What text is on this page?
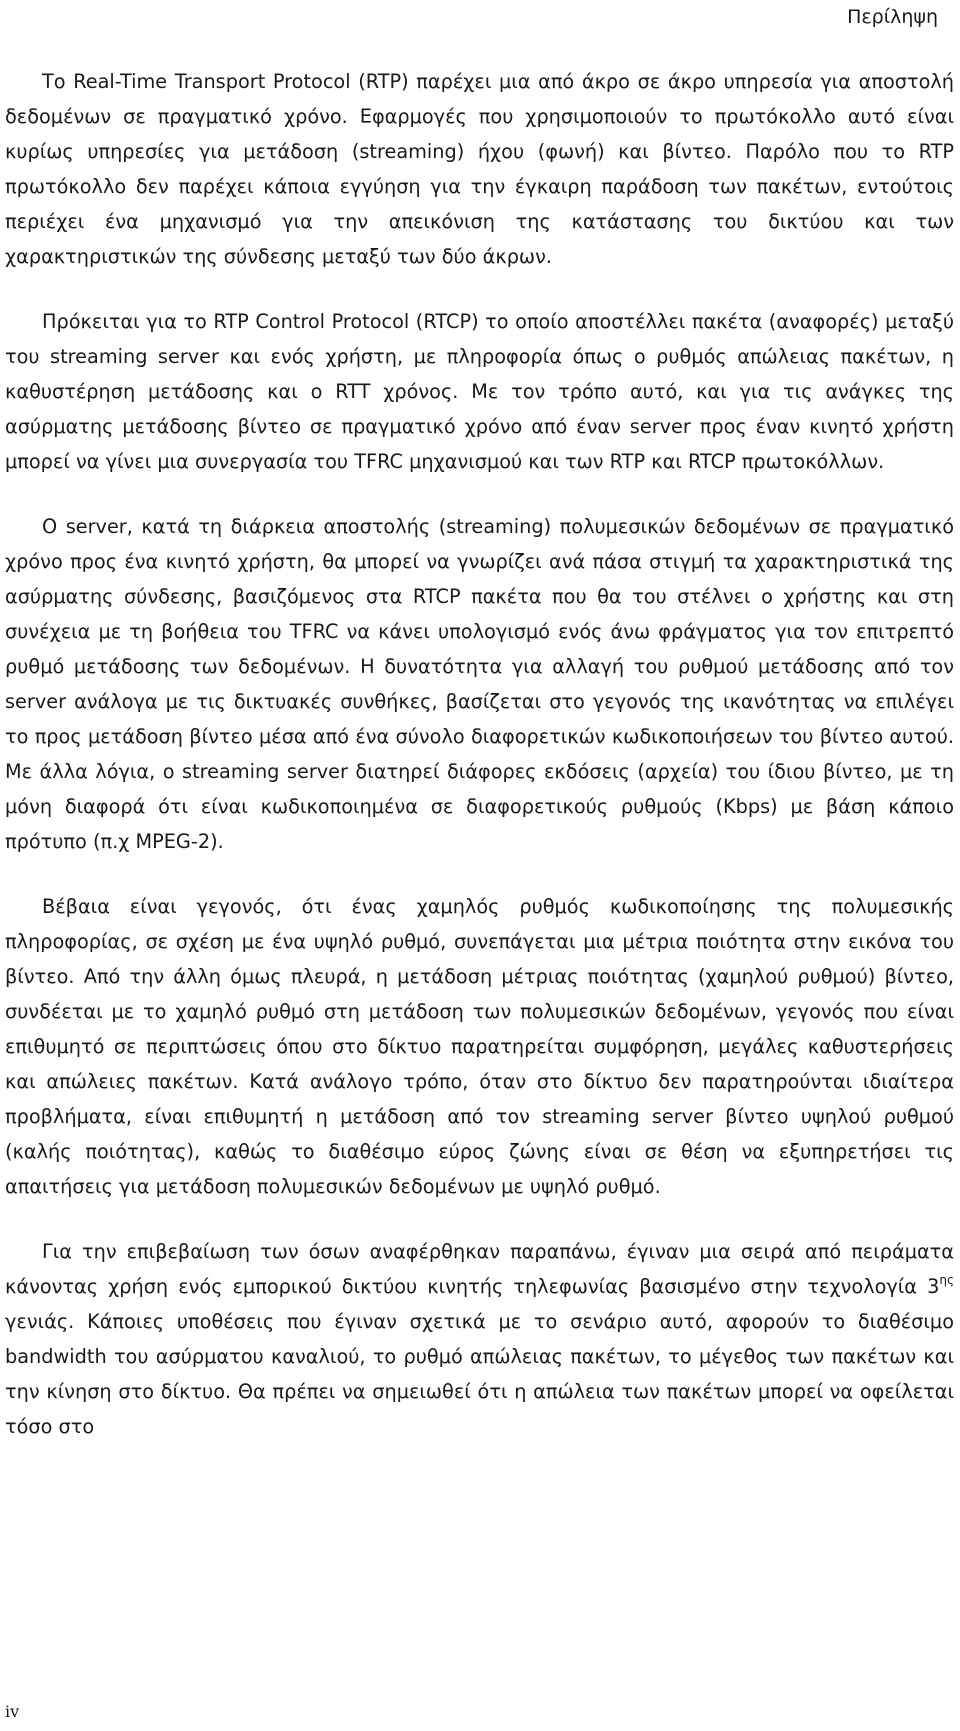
Περίληψη

Το Real-Time Transport Protocol (RTP) παρέχει μια από άκρο σε άκρο υπηρεσία για αποστολή δεδομένων σε πραγματικό χρόνο. Εφαρμογές που χρησιμοποιούν το πρωτόκολλο αυτό είναι κυρίως υπηρεσίες για μετάδοση (streaming) ήχου (φωνή) και βίντεο. Παρόλο που το RTP πρωτόκολλο δεν παρέχει κάποια εγγύηση για την έγκαιρη παράδοση των πακέτων, εντούτοις περιέχει ένα μηχανισμό για την απεικόνιση της κατάστασης του δικτύου και των χαρακτηριστικών της σύνδεσης μεταξύ των δύο άκρων.

Πρόκειται για το RTP Control Protocol (RTCP) το οποίο αποστέλλει πακέτα (αναφορές) μεταξύ του streaming server και ενός χρήστη, με πληροφορία όπως ο ρυθμός απώλειας πακέτων, η καθυστέρηση μετάδοσης και ο RTT χρόνος. Με τον τρόπο αυτό, και για τις ανάγκες της ασύρματης μετάδοσης βίντεο σε πραγματικό χρόνο από έναν server προς έναν κινητό χρήστη μπορεί να γίνει μια συνεργασία του TFRC μηχανισμού και των RTP και RTCP πρωτοκόλλων.

Ο server, κατά τη διάρκεια αποστολής (streaming) πολυμεσικών δεδομένων σε πραγματικό χρόνο προς ένα κινητό χρήστη, θα μπορεί να γνωρίζει ανά πάσα στιγμή τα χαρακτηριστικά της ασύρματης σύνδεσης, βασιζόμενος στα RTCP πακέτα που θα του στέλνει ο χρήστης και στη συνέχεια με τη βοήθεια του TFRC να κάνει υπολογισμό ενός άνω φράγματος για τον επιτρεπτό ρυθμό μετάδοσης των δεδομένων. Η δυνατότητα για αλλαγή του ρυθμού μετάδοσης από τον server ανάλογα με τις δικτυακές συνθήκες, βασίζεται στο γεγονός της ικανότητας να επιλέγει το προς μετάδοση βίντεο μέσα από ένα σύνολο διαφορετικών κωδικοποιήσεων του βίντεο αυτού. Με άλλα λόγια, ο streaming server διατηρεί διάφορες εκδόσεις (αρχεία) του ίδιου βίντεο, με τη μόνη διαφορά ότι είναι κωδικοποιημένα σε διαφορετικούς ρυθμούς (Kbps) με βάση κάποιο πρότυπο (π.χ MPEG-2).

Βέβαια είναι γεγονός, ότι ένας χαμηλός ρυθμός κωδικοποίησης της πολυμεσικής πληροφορίας, σε σχέση με ένα υψηλό ρυθμό, συνεπάγεται μια μέτρια ποιότητα στην εικόνα του βίντεο. Από την άλλη όμως πλευρά, η μετάδοση μέτριας ποιότητας (χαμηλού ρυθμού) βίντεο, συνδέεται με το χαμηλό ρυθμό στη μετάδοση των πολυμεσικών δεδομένων, γεγονός που είναι επιθυμητό σε περιπτώσεις όπου στο δίκτυο παρατηρείται συμφόρηση, μεγάλες καθυστερήσεις και απώλειες πακέτων. Κατά ανάλογο τρόπο, όταν στο δίκτυο δεν παρατηρούνται ιδιαίτερα προβλήματα, είναι επιθυμητή η μετάδοση από τον streaming server βίντεο υψηλού ρυθμού (καλής ποιότητας), καθώς το διαθέσιμο εύρος ζώνης είναι σε θέση να εξυπηρετήσει τις απαιτήσεις για μετάδοση πολυμεσικών δεδομένων με υψηλό ρυθμό.

Για την επιβεβαίωση των όσων αναφέρθηκαν παραπάνω, έγιναν μια σειρά από πειράματα κάνοντας χρήση ενός εμπορικού δικτύου κινητής τηλεφωνίας βασισμένο στην τεχνολογία $3^{\eta\varsigma}$ γενιάς. Κάποιες υποθέσεις που έγιναν σχετικά με το σενάριο αυτό, αφορούν το διαθέσιμο bandwidth του ασύρματου καναλιού, το ρυθμό απώλειας πακέτων, το μέγεθος των πακέτων και την κίνηση στο δίκτυο. Θα πρέπει να σημειωθεί ότι η απώλεια των πακέτων μπορεί να οφείλεται τόσο στο

iv
